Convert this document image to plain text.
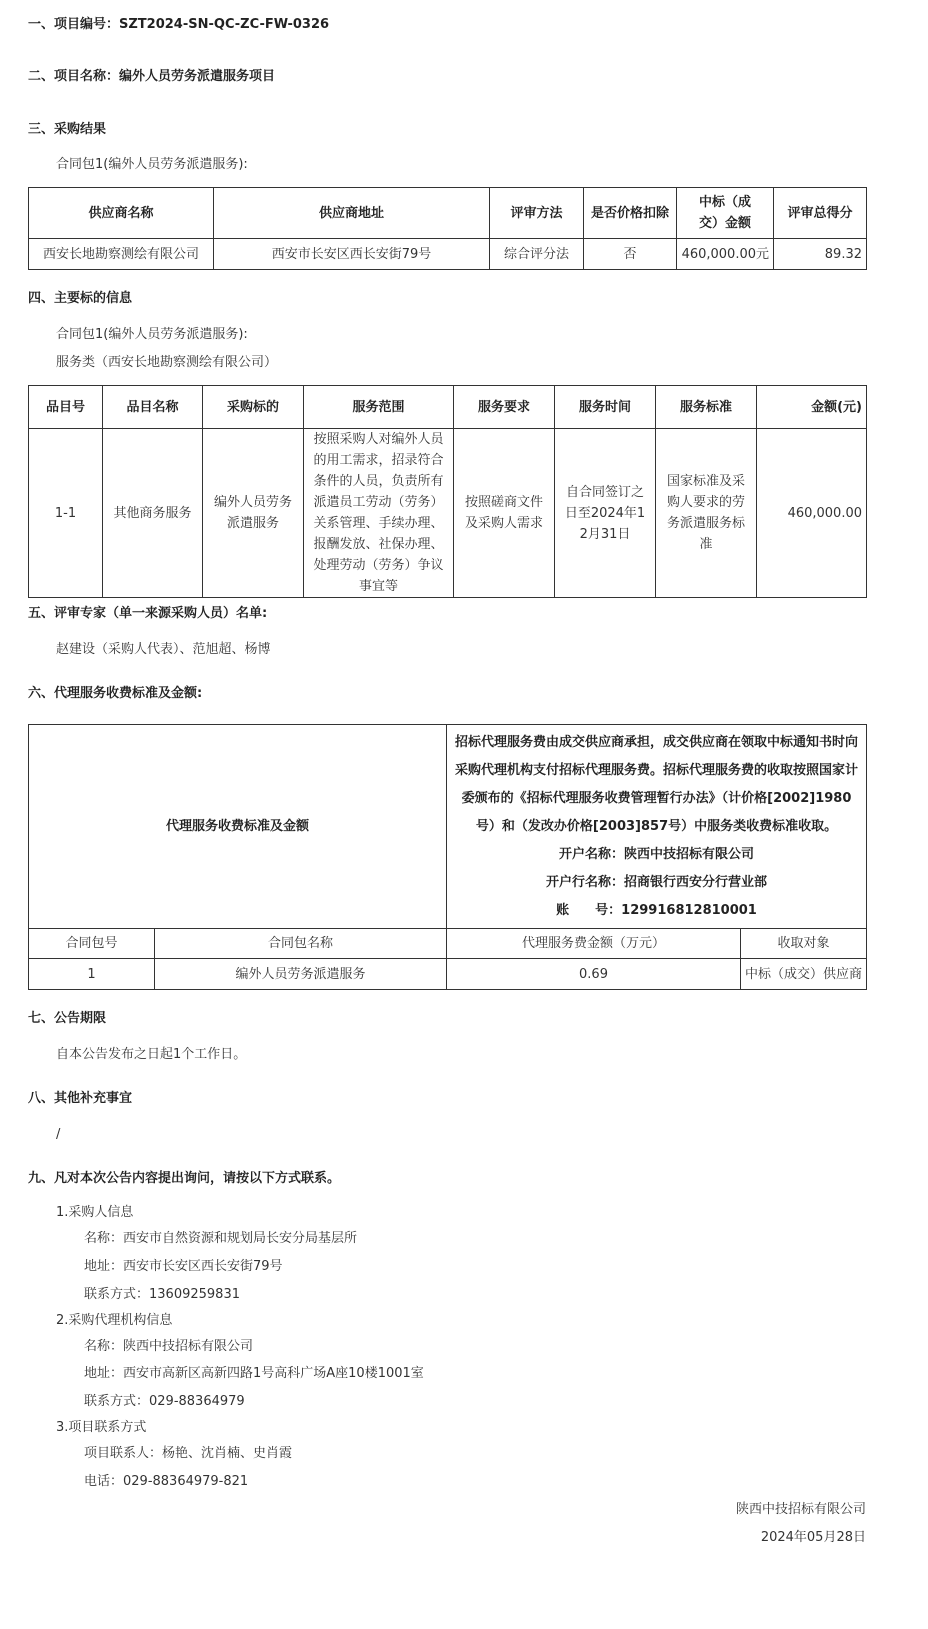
一、项目编号：SZT2024-SN-QC-ZC-FW-0326
二、项目名称：编外人员劳务派遣服务项目
三、采购结果
合同包1(编外人员劳务派遣服务):
供应商名称	供应商地址	评审方法	是否价格扣除	中标（成交）金额	评审总得分
西安长地勘察测绘有限公司	西安市长安区西长安街79号	综合评分法	否	460,000.00元	89.32
四、主要标的信息
合同包1(编外人员劳务派遣服务):
服务类（西安长地勘察测绘有限公司）
品目号	品目名称	采购标的	服务范围	服务要求	服务时间	服务标准	金额(元)
1-1	其他商务服务	编外人员劳务派遣服务	按照采购人对编外人员的用工需求，招录符合条件的人员，负责所有派遣员工劳动（劳务）关系管理、手续办理、报酬发放、社保办理、处理劳动（劳务）争议事宜等	按照磋商文件及采购人需求	自合同签订之日至2024年12月31日	国家标准及采购人要求的劳务派遣服务标准	460,000.00
五、评审专家（单一来源采购人员）名单:
赵建设（采购人代表）、范旭超、杨博
六、代理服务收费标准及金额:
代理服务收费标准及金额		招标代理服务费由成交供应商承担，成交供应商在领取中标通知书时向采购代理机构支付招标代理服务费。招标代理服务费的收取按照国家计委颁布的《招标代理服务收费管理暂行办法》（计价格[2002]1980号）和（发改办价格[2003]857号）中服务类收费标准收取。

开户名称：陕西中技招标有限公司

开户行名称：招商银行西安分行营业部

账　　号：129916812810001	

合同包号	合同包名称	代理服务费金额（万元）	收取对象
1	编外人员劳务派遣服务	0.69	中标（成交）供应商
七、公告期限
自本公告发布之日起1个工作日。
八、其他补充事宜
/
九、凡对本次公告内容提出询问，请按以下方式联系。
1.采购人信息
名称：西安市自然资源和规划局长安分局基层所
地址：西安市长安区西长安街79号
联系方式：13609259831
2.采购代理机构信息
名称：陕西中技招标有限公司
地址：西安市高新区高新四路1号高科广场A座10楼1001室
联系方式：029-88364979
3.项目联系方式
项目联系人：杨艳、沈肖楠、史肖霞
电话：029-88364979-821
陕西中技招标有限公司
2024年05月28日
